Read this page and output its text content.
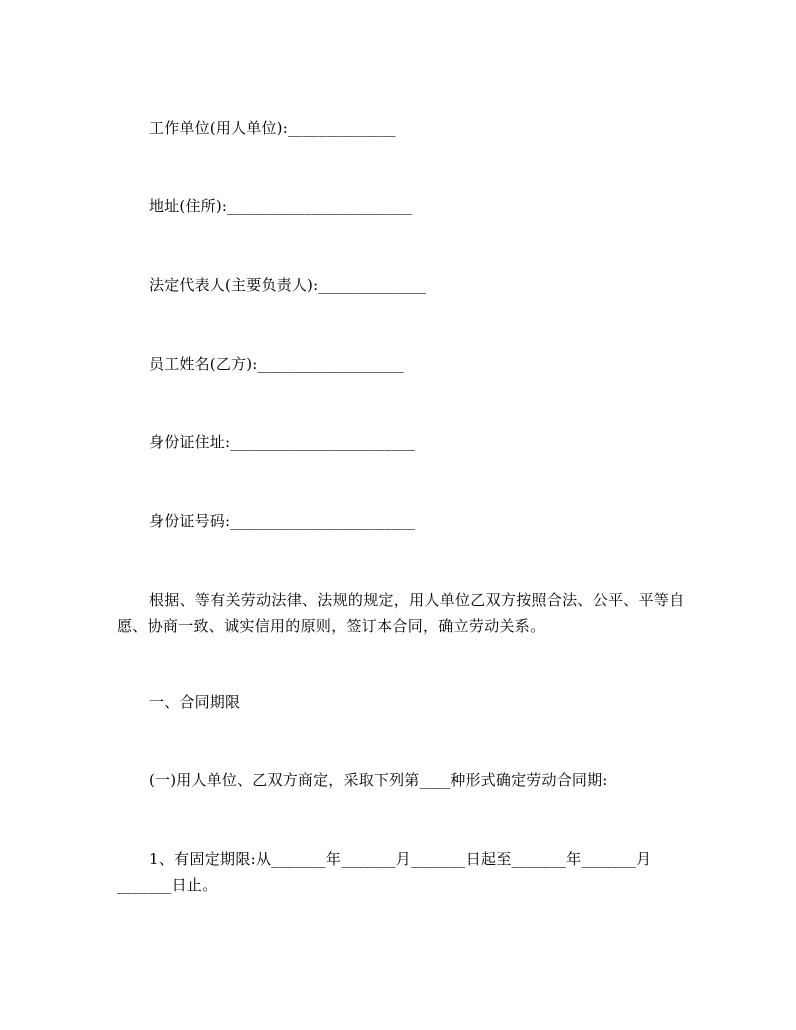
工作单位(用人单位):______________
地址(住所):________________________
法定代表人(主要负责人):______________
员工姓名(乙方):___________________
身份证住址:________________________
身份证号码:________________________
根据、等有关劳动法律、法规的规定，用人单位乙双方按照合法、公平、平等自愿、协商一致、诚实信用的原则，签订本合同，确立劳动关系。
一、合同期限
(一)用人单位、乙双方商定，采取下列第____种形式确定劳动合同期:
1、有固定期限:从_______年_______月_______日起至_______年_______月_______日止。
